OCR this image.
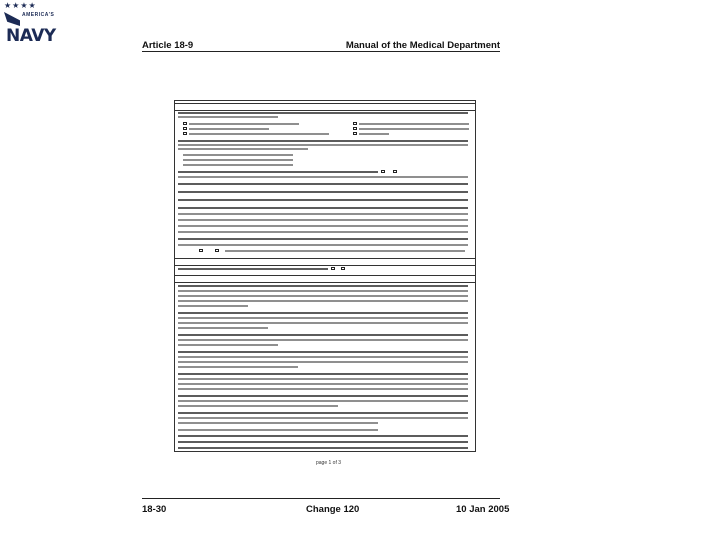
★★★★
AMERICA'S
NAVY	Article 18-9	Manual of the Medical Department
page 1 of 3
18-30	Change 120	10 Jan 2005
